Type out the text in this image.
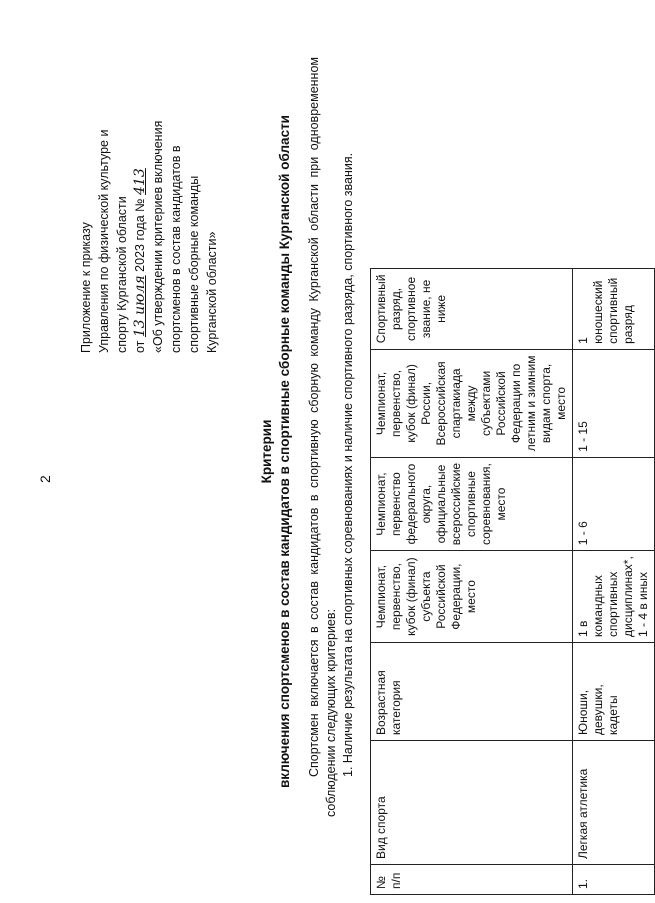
2
Приложение к приказу Управления по физической культуре и спорту Курганской области от 13 июля 2023 года № 413 «Об утверждении критериев включения спортсменов в состав кандидатов в спортивные сборные команды Курганской области»
Критерии включения спортсменов в состав кандидатов в спортивные сборные команды Курганской области Спортсмен включается в состав кандидатов в спортивную сборную команду Курганской области при одновременном соблюдении следующих критериев: 1. Наличие результата на спортивных соревнованиях и наличие спортивного разряда, спортивного звания.

№ п/п	Вид спорта	Возрастная категория	Чемпионат, первенство, кубок (финал) субъекта Российской Федерации, место	Чемпионат, первенство федерального округа, официальные всероссийские спортивные соревнования, место	Чемпионат, первенство, кубок (финал) России, Всероссийская спартакиада между субъектами Российской Федерации по летним и зимним видам спорта, место	Спортивный разряд, спортивное звание, не ниже
1.	Легкая атлетика	Юноши, девушки, кадеты	1 в командных спортивных дисциплинах*, 1 - 4 в иных	1 - 6	1 - 15	1 юношеский спортивный разряд
